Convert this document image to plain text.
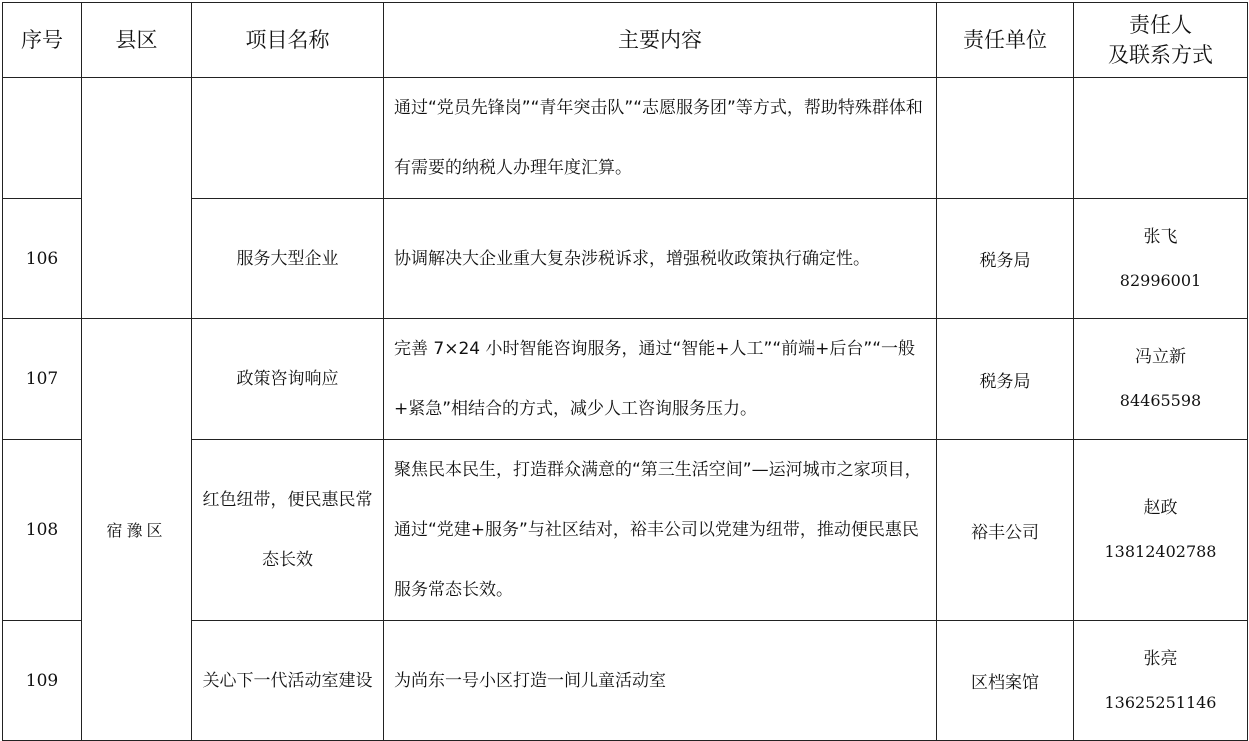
序号	县区	项目名称	主要内容	责任单位	责任人
及联系方式

			通过“党员先锋岗”“青年突击队”“志愿服务团”等方式，帮助特殊群体和有需要的纳税人办理年度汇算。		

106		服务大型企业	协调解决大企业重大复杂涉税诉求，增强税收政策执行确定性。	税务局	张飞
82996001

107	宿豫区	政策咨询响应	完善 7×24 小时智能咨询服务，通过“智能+人工”“前端+后台”“一般+紧急”相结合的方式，减少人工咨询服务压力。	税务局	冯立新
84465598

108		红色纽带，便民惠民常态长效	聚焦民本民生，打造群众满意的“第三生活空间”—运河城市之家项目，通过“党建+服务”与社区结对，裕丰公司以党建为纽带，推动便民惠民服务常态长效。	裕丰公司	赵政
13812402788

109		关心下一代活动室建设	为尚东一号小区打造一间儿童活动室	区档案馆	张亮
13625251146
